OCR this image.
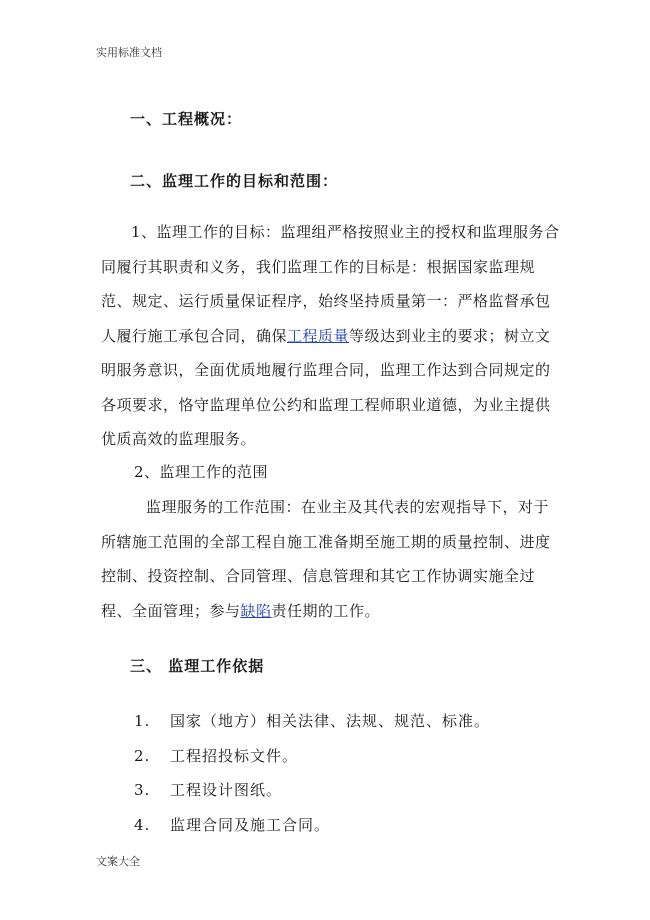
实用标准文档
一、工程概况：
二、监理工作的目标和范围：

1、监理工作的目标：监理组严格按照业主的授权和监理服务合同履行其职责和义务，我们监理工作的目标是：根据国家监理规范、规定、运行质量保证程序，始终坚持质量第一：严格监督承包人履行施工承包合同，确保工程质量等级达到业主的要求；树立文明服务意识，全面优质地履行监理合同，监理工作达到合同规定的各项要求，恪守监理单位公约和监理工程师职业道德，为业主提供优质高效的监理服务。

2、监理工作的范围

监理服务的工作范围：在业主及其代表的宏观指导下，对于所辖施工范围的全部工程自施工准备期至施工期的质量控制、进度控制、投资控制、合同管理、信息管理和其它工作协调实施全过程、全面管理；参与缺陷责任期的工作。

三、 监理工作依据
1. 国家（地方）相关法律、法规、规范、标准。
2. 工程招投标文件。
3. 工程设计图纸。
4. 监理合同及施工合同。
文案大全
